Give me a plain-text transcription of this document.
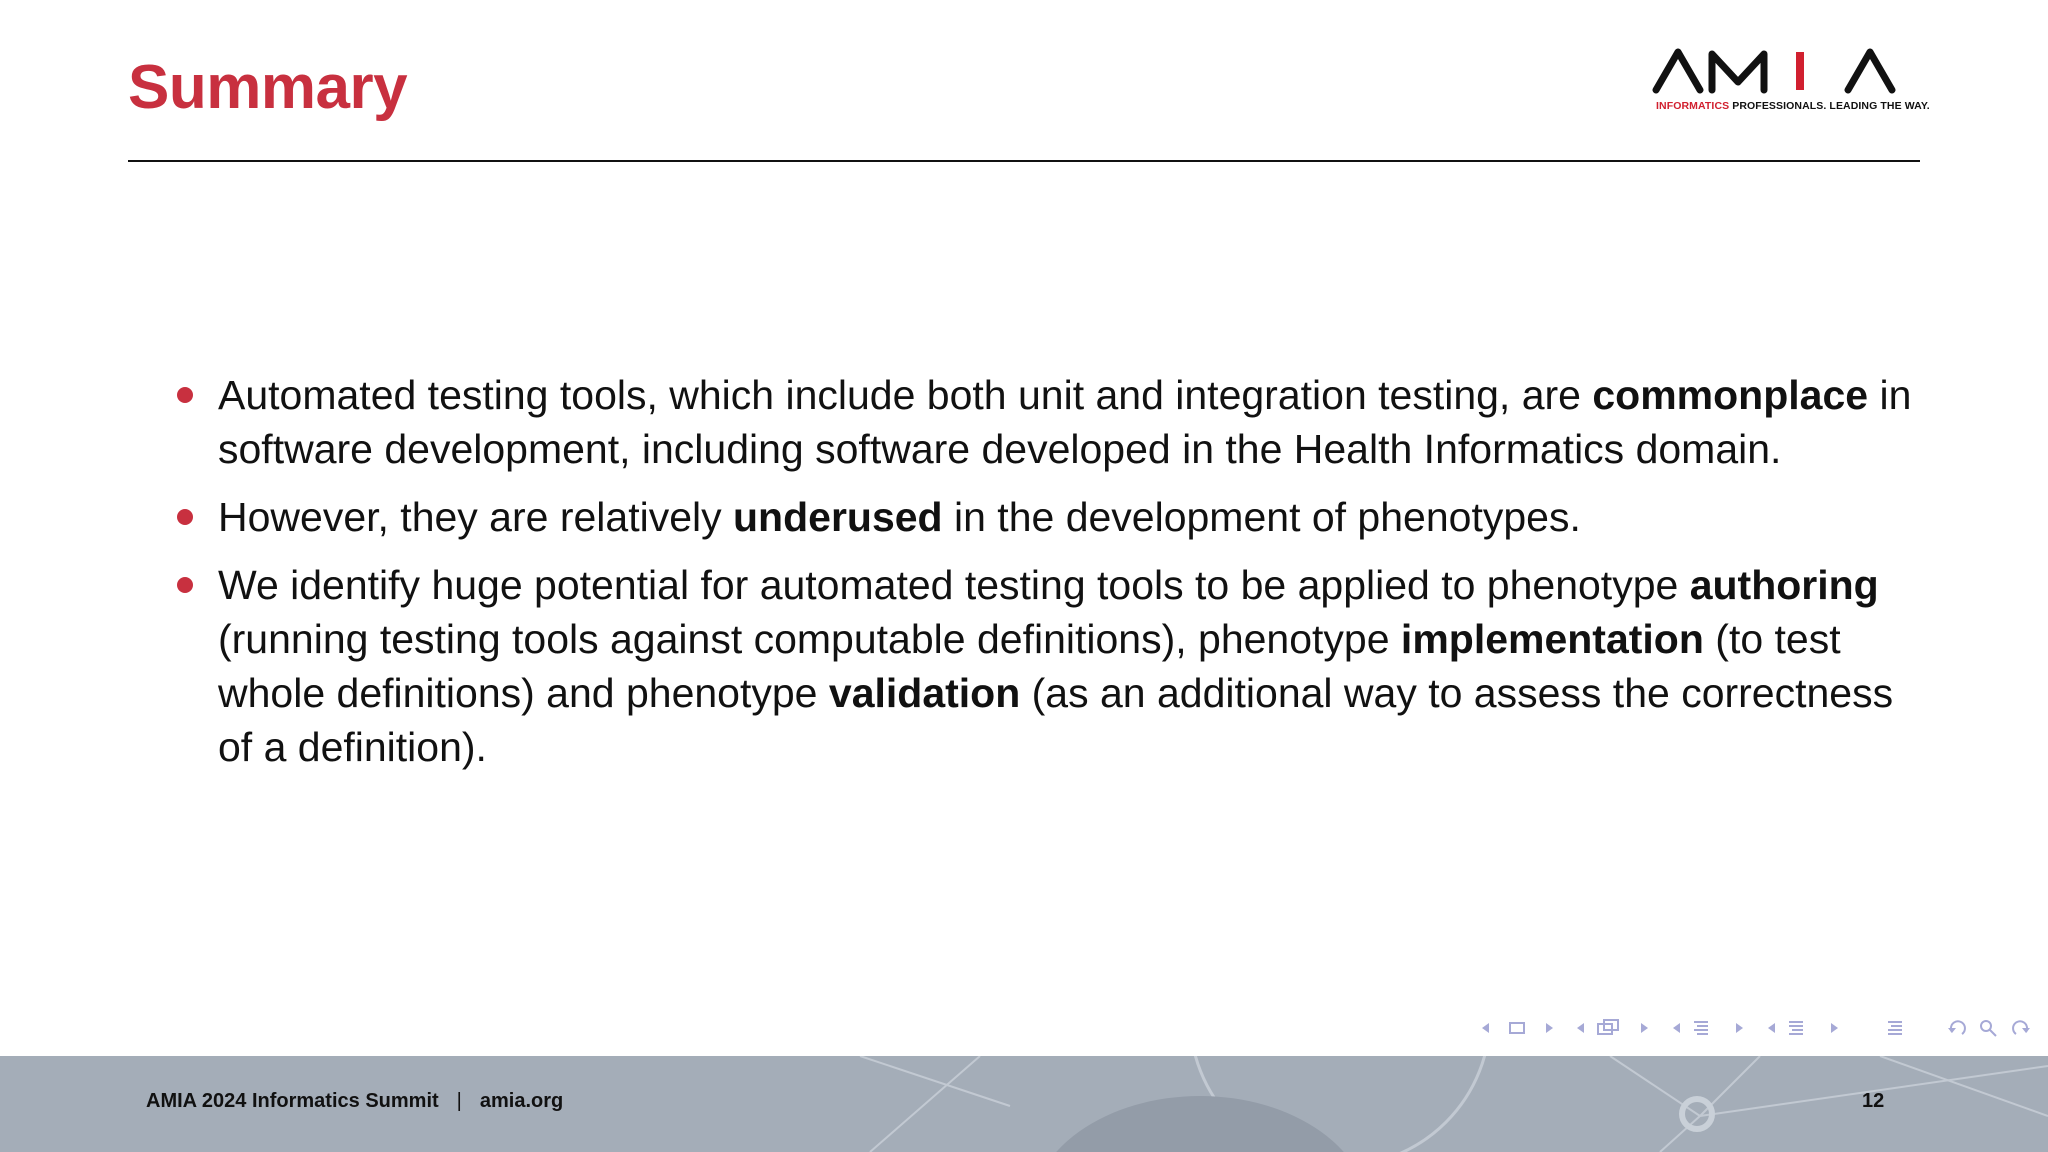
Summary	INFORMATICS PROFESSIONALS. LEADING THE WAY.
Automated testing tools, which include both unit and integration testing, are commonplace in software development, including software developed in the Health Informatics domain.
However, they are relatively underused in the development of phenotypes.
We identify huge potential for automated testing tools to be applied to phenotype authoring (running testing tools against computable definitions), phenotype implementation (to test whole definitions) and phenotype validation (as an additional way to assess the correctness of a definition).
AMIA 2024 Informatics Summit | amia.org	12
